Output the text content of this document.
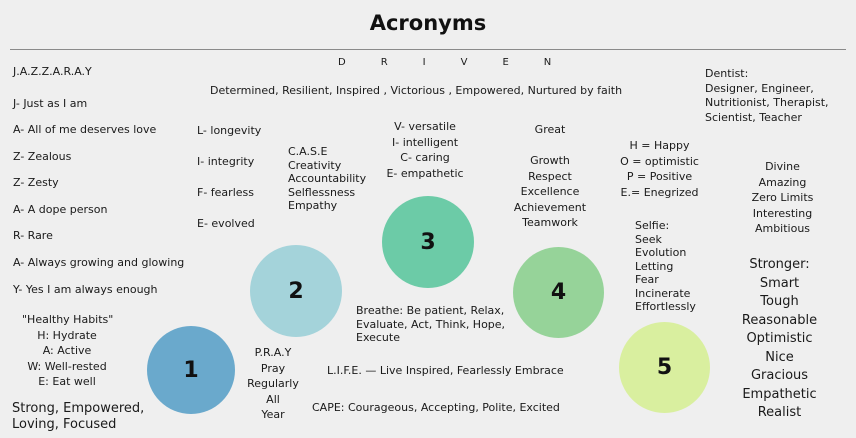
Acronyms
D	R	I	V	E	N
Determined, Resilient, Inspired , Victorious , Empowered, Nurtured by faith
J.A.Z.Z.A.R.A.Y
J- Just as I am
A- All of me deserves love
Z- Zealous
Z- Zesty
A- A dope person
R- Rare
A- Always growing and glowing
Y- Yes I am always enough
"Healthy Habits"
H: Hydrate
A: Active
W: Well-rested
E: Eat well
Strong, Empowered,
Loving, Focused
L- longevity
I- integrity
F- fearless
E- evolved
C.A.S.E
Creativity
Accountability
Selflessness
Empathy
V- versatile
I- intelligent
C- caring
E- empathetic
Great
Growth
Respect
Excellence
Achievement
Teamwork
H = Happy
O = optimistic
P = Positive
E.= Enegrized
Dentist:
Designer, Engineer,
Nutritionist, Therapist,
Scientist, Teacher
Divine
Amazing
Zero Limits
Interesting
Ambitious
Selfie:
Seek
Evolution
Letting
Fear
Incinerate
Effortlessly
Stronger:
Smart
Tough
Reasonable
Optimistic
Nice
Gracious
Empathetic
Realist
Breathe: Be patient, Relax,
Evaluate, Act, Think, Hope,
Execute
P.R.A.Y
Pray
Regularly
All
Year
L.I.F.E. — Live Inspired, Fearlessly Embrace
CAPE: Courageous, Accepting, Polite, Excited
1
2
3
4
5
